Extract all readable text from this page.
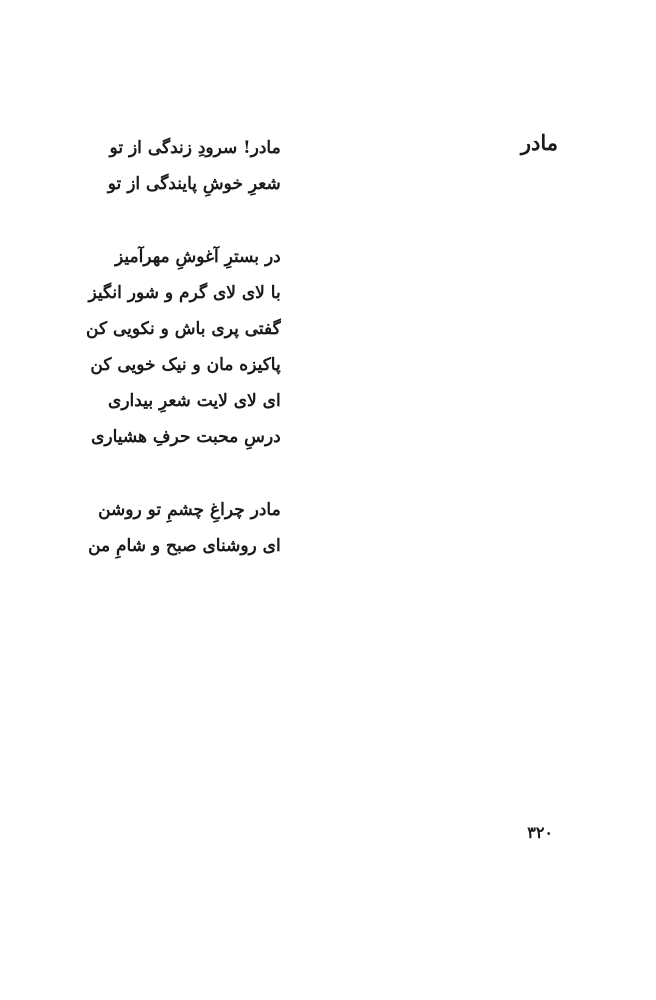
مادر
مادر! سرودِ زندگی از تو
شعرِ خوشِ پایندگی از تو
در بسترِ آغوشِ مهرآمیز
با لای لای گرم و شور انگیز
گفتی پری باش و نکویی کن
پاکیزه مان و نیک خویی کن
ای لای لایت شعرِ بیداری
درسِ محبت حرفِ هشیاری
مادر چراغِ چشمِ تو روشن
ای روشنای صبح و شامِ من
۳۲۰
